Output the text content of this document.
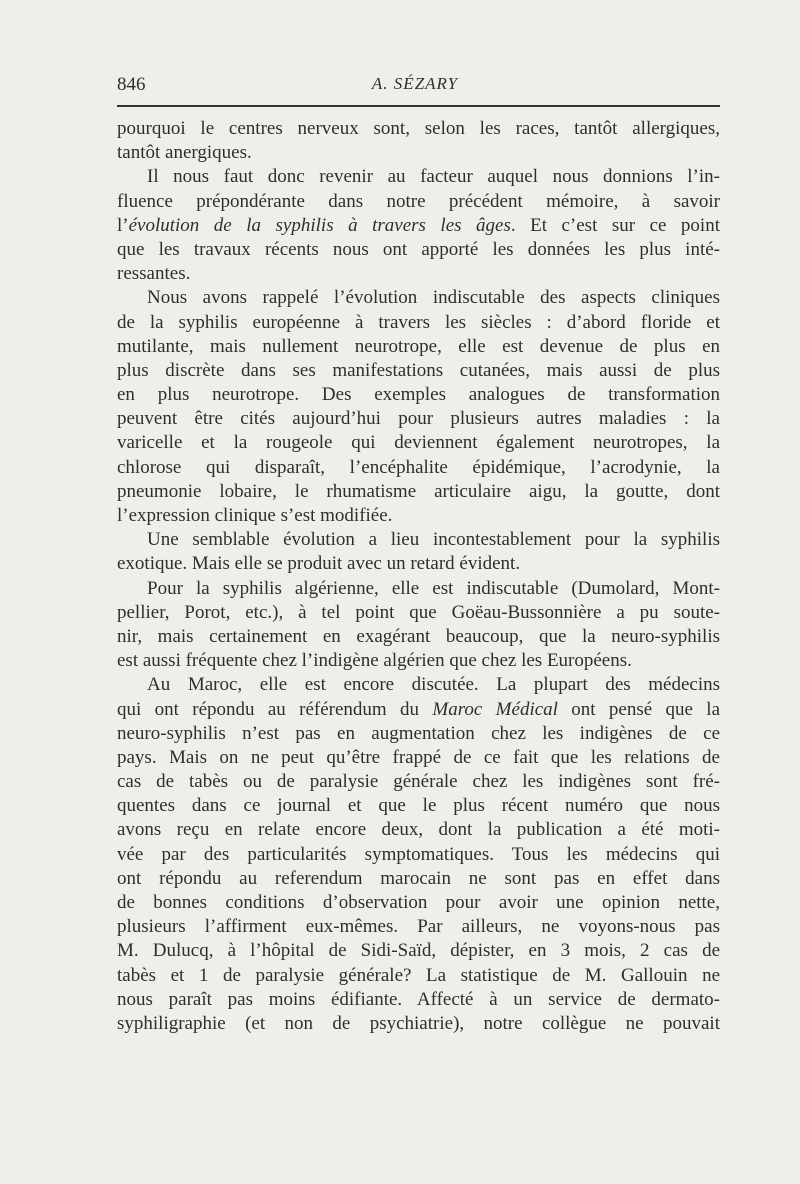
846	A. SÉZARY
pourquoi le centres nerveux sont, selon les races, tantôt allergiques,
tantôt anergiques.
Il nous faut donc revenir au facteur auquel nous donnions l’in-
fluence prépondérante dans notre précédent mémoire, à savoir
l’évolution de la syphilis à travers les âges. Et c’est sur ce point
que les travaux récents nous ont apporté les données les plus inté-
ressantes.
Nous avons rappelé l’évolution indiscutable des aspects cliniques
de la syphilis européenne à travers les siècles : d’abord floride et
mutilante, mais nullement neurotrope, elle est devenue de plus en
plus discrète dans ses manifestations cutanées, mais aussi de plus
en plus neurotrope. Des exemples analogues de transformation
peuvent être cités aujourd’hui pour plusieurs autres maladies : la
varicelle et la rougeole qui deviennent également neurotropes, la
chlorose qui disparaît, l’encéphalite épidémique, l’acrodynie, la
pneumonie lobaire, le rhumatisme articulaire aigu, la goutte, dont
l’expression clinique s’est modifiée.
Une semblable évolution a lieu incontestablement pour la syphilis
exotique. Mais elle se produit avec un retard évident.
Pour la syphilis algérienne, elle est indiscutable (Dumolard, Mont-
pellier, Porot, etc.), à tel point que Goëau-Bussonnière a pu soute-
nir, mais certainement en exagérant beaucoup, que la neuro-syphilis
est aussi fréquente chez l’indigène algérien que chez les Européens.
Au Maroc, elle est encore discutée. La plupart des médecins
qui ont répondu au référendum du Maroc Médical ont pensé que la
neuro-syphilis n’est pas en augmentation chez les indigènes de ce
pays. Mais on ne peut qu’être frappé de ce fait que les relations de
cas de tabès ou de paralysie générale chez les indigènes sont fré-
quentes dans ce journal et que le plus récent numéro que nous
avons reçu en relate encore deux, dont la publication a été moti-
vée par des particularités symptomatiques. Tous les médecins qui
ont répondu au referendum marocain ne sont pas en effet dans
de bonnes conditions d’observation pour avoir une opinion nette,
plusieurs l’affirment eux-mêmes. Par ailleurs, ne voyons-nous pas
M. Dulucq, à l’hôpital de Sidi-Saïd, dépister, en 3 mois, 2 cas de
tabès et 1 de paralysie générale? La statistique de M. Gallouin ne
nous paraît pas moins édifiante. Affecté à un service de dermato-
syphiligraphie (et non de psychiatrie), notre collègue ne pouvait
